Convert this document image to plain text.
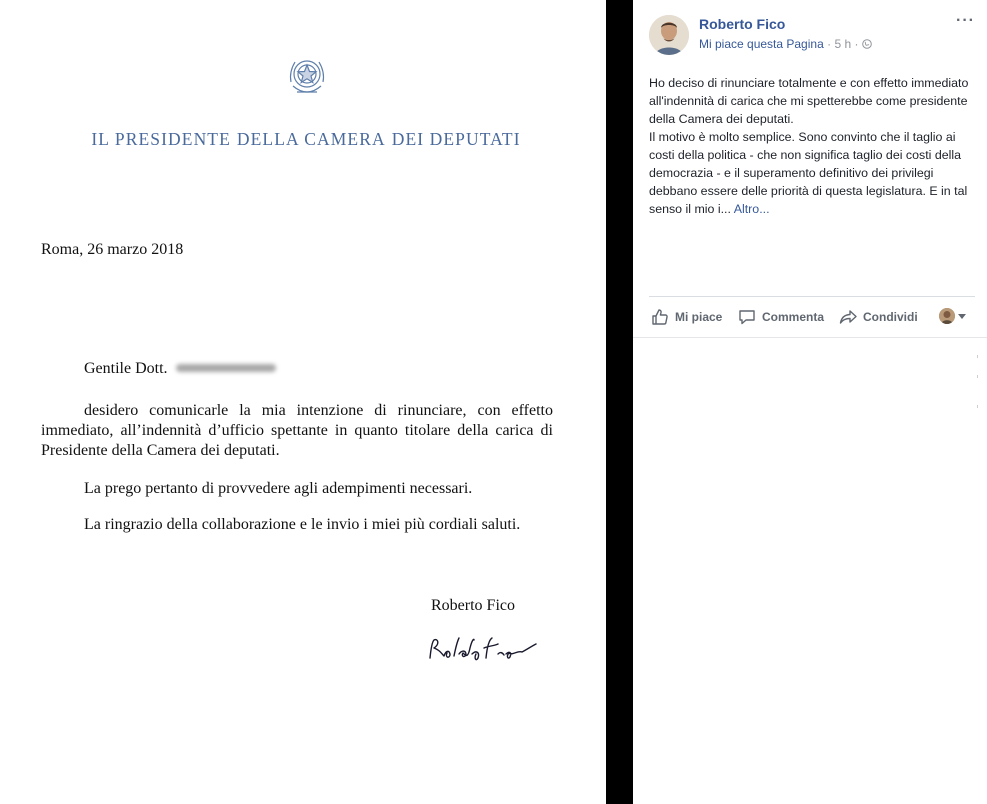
IL PRESIDENTE DELLA CAMERA DEI DEPUTATI
Roma, 26 marzo 2018
Gentile Dott.
desidero comunicarle la mia intenzione di rinunciare, con effetto immediato, all’indennità d’ufficio spettante in quanto titolare della carica di Presidente della Camera dei deputati.
La prego pertanto di provvedere agli adempimenti necessari.
La ringrazio della collaborazione e le invio i miei più cordiali saluti.
Roberto Fico
Roberto Fico
Mi piace questa Pagina · 5 h ·
···

Ho deciso di rinunciare totalmente e con effetto immediato all'indennità di carica che mi spetterebbe come presidente della Camera dei deputati.

Il motivo è molto semplice. Sono convinto che il taglio ai costi della politica - che non significa taglio dei costi della democrazia - e il superamento definitivo dei privilegi debbano essere delle priorità di questa legislatura. E in tal senso il mio i... Altro...

Mi piace	Commenta	Condividi
